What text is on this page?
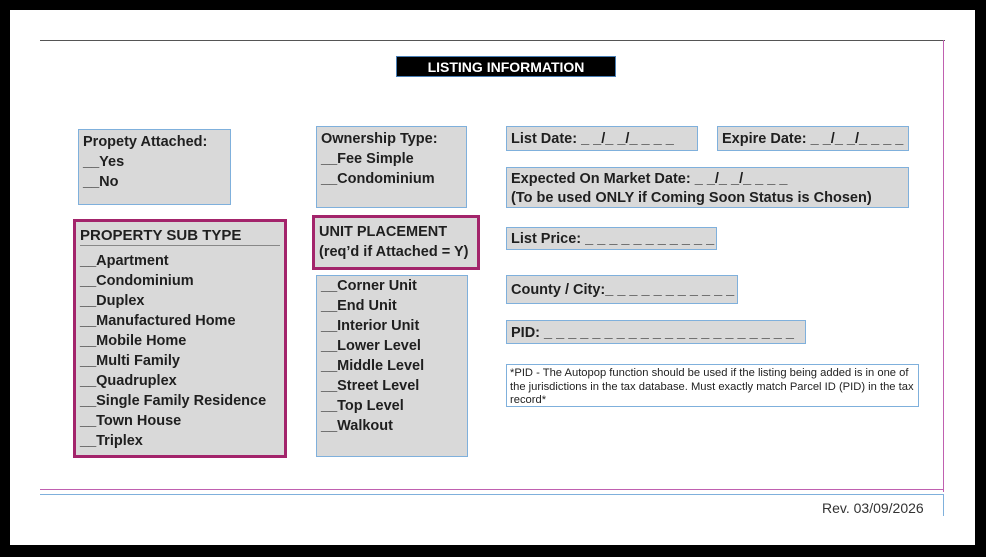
LISTING INFORMATION
Propety Attached:
__Yes
__No
Ownership Type:
__Fee Simple
__Condominium
PROPERTY SUB TYPE
__Apartment
__Condominium
__Duplex
__Manufactured Home
__Mobile Home
__Multi Family
__Quadruplex
__Single Family Residence
__Town House
__Triplex
UNIT PLACEMENT
(req’d if Attached = Y)
__Corner Unit
__End Unit
__Interior Unit
__Lower Level
__Middle Level
__Street Level
__Top Level
__Walkout
List Date: _ _/_ _/_ _ _ _	Expire Date: _ _/_ _/_ _ _ _
Expected On Market Date: _ _/_ _/_ _ _ _
(To be used ONLY if Coming Soon Status is Chosen)
List Price: _ _ _ _ _ _ _ _ _ _ _
County / City:_ _ _ _ _ _ _ _ _ _ _
PID: _ _ _ _ _ _ _ _ _ _ _ _ _ _ _ _ _ _ _ _ _
*PID - The Autopop function should be used if the listing being added is in one of the jurisdictions in the tax database. Must exactly match Parcel ID (PID) in the tax record*
Rev. 03/09/2026
